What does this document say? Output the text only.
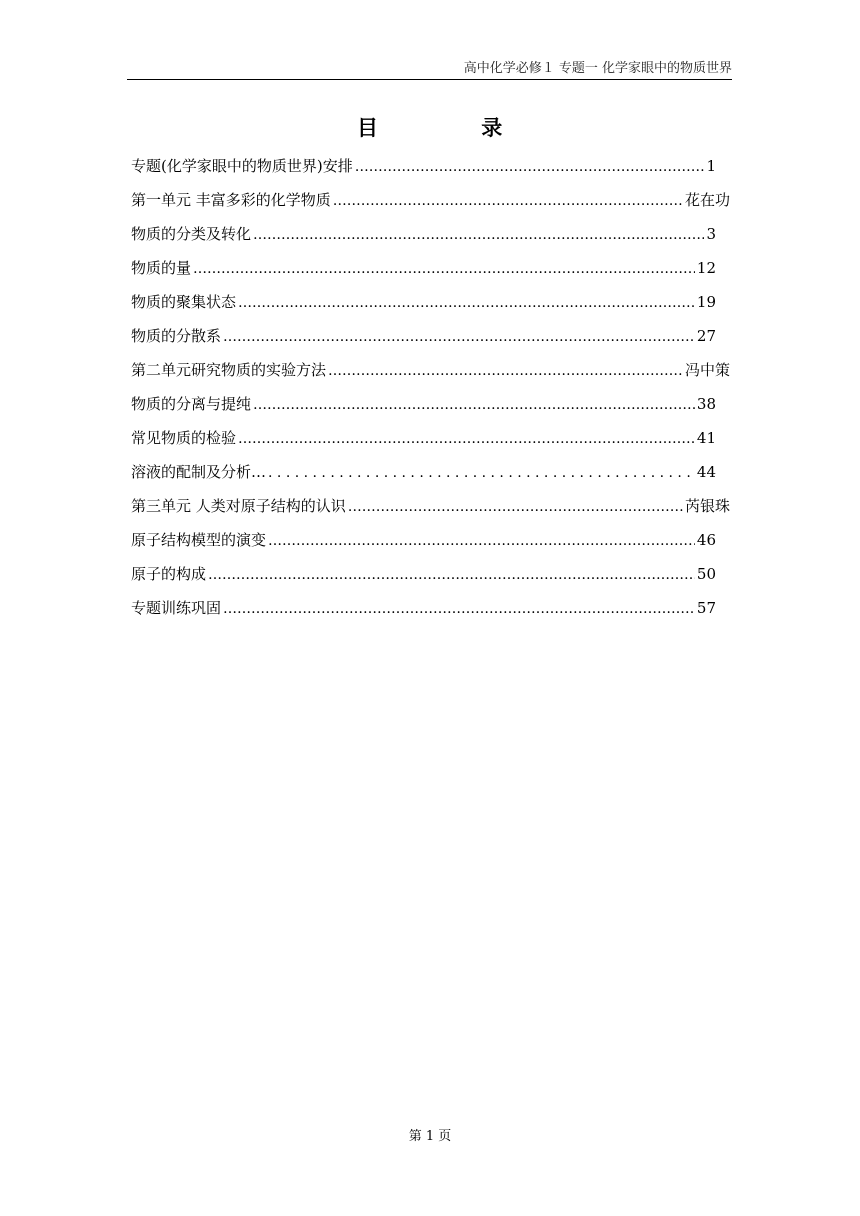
高中化学必修１ 专题一 化学家眼中的物质世界
目 录
专题(化学家眼中的物质世界)安排 ……………………………………………………………………………………………………………………………………………………………………………………	1
第一单元 丰富多彩的化学物质 ……………………………………………………………………………………………………………………………………………………………………………………	花在功
物质的分类及转化 ……………………………………………………………………………………………………………………………………………………………………………………	3
物质的量 ……………………………………………………………………………………………………………………………………………………………………………………	12
物质的聚集状态 ……………………………………………………………………………………………………………………………………………………………………………………	19
物质的分散系 ……………………………………………………………………………………………………………………………………………………………………………………	27
第二单元研究物质的实验方法 ……………………………………………………………………………………………………………………………………………………………………………………	冯中策
物质的分离与提纯 ……………………………………………………………………………………………………………………………………………………………………………………	38
常见物质的检验 ……………………………………………………………………………………………………………………………………………………………………………………	41
溶液的配制及分析… . . .	44
第三单元 人类对原子结构的认识 ……………………………………………………………………………………………………………………………………………………………………………………	芮银珠
原子结构模型的演变 ……………………………………………………………………………………………………………………………………………………………………………………	46
原子的构成 ……………………………………………………………………………………………………………………………………………………………………………………	50
专题训练巩固 ……………………………………………………………………………………………………………………………………………………………………………………	57
第 1 页
